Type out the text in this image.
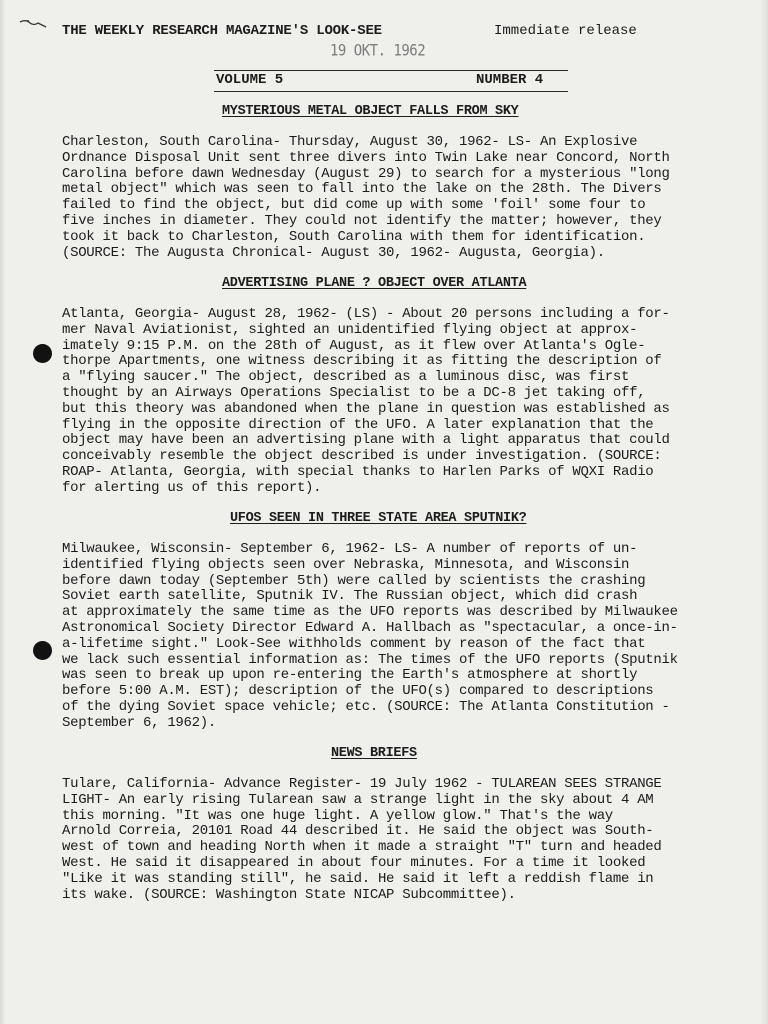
THE WEEKLY RESEARCH MAGAZINE'S LOOK-SEE	Immediate release
19 OKT. 1962
VOLUME 5	NUMBER 4
MYSTERIOUS METAL OBJECT FALLS FROM SKY
Charleston, South Carolina- Thursday, August 30, 1962- LS- An Explosive
Ordnance Disposal Unit sent three divers into Twin Lake near Concord, North
Carolina before dawn Wednesday (August 29) to search for a mysterious "long
metal object" which was seen to fall into the lake on the 28th. The Divers
failed to find the object, but did come up with some 'foil' some four to
five inches in diameter. They could not identify the matter; however, they
took it back to Charleston, South Carolina with them for identification.
(SOURCE: The Augusta Chronical- August 30, 1962- Augusta, Georgia).
ADVERTISING PLANE ? OBJECT OVER ATLANTA
Atlanta, Georgia- August 28, 1962- (LS) - About 20 persons including a for-
mer Naval Aviationist, sighted an unidentified flying object at approx-
imately 9:15 P.M. on the 28th of August, as it flew over Atlanta's Ogle-
thorpe Apartments, one witness describing it as fitting the description of
a "flying saucer." The object, described as a luminous disc, was first
thought by an Airways Operations Specialist to be a DC-8 jet taking off,
but this theory was abandoned when the plane in question was established as
flying in the opposite direction of the UFO. A later explanation that the
object may have been an advertising plane with a light apparatus that could
conceivably resemble the object described is under investigation. (SOURCE:
ROAP- Atlanta, Georgia, with special thanks to Harlen Parks of WQXI Radio
for alerting us of this report).
UFOS SEEN IN THREE STATE AREA SPUTNIK?
Milwaukee, Wisconsin- September 6, 1962- LS- A number of reports of un-
identified flying objects seen over Nebraska, Minnesota, and Wisconsin
before dawn today (September 5th) were called by scientists the crashing
Soviet earth satellite, Sputnik IV. The Russian object, which did crash
at approximately the same time as the UFO reports was described by Milwaukee
Astronomical Society Director Edward A. Hallbach as "spectacular, a once-in-
a-lifetime sight." Look-See withholds comment by reason of the fact that
we lack such essential information as: The times of the UFO reports (Sputnik
was seen to break up upon re-entering the Earth's atmosphere at shortly
before 5:00 A.M. EST); description of the UFO(s) compared to descriptions
of the dying Soviet space vehicle; etc. (SOURCE: The Atlanta Constitution -
September 6, 1962).
NEWS BRIEFS
Tulare, California- Advance Register- 19 July 1962 - TULAREAN SEES STRANGE
LIGHT- An early rising Tularean saw a strange light in the sky about 4 AM
this morning. "It was one huge light. A yellow glow." That's the way
Arnold Correia, 20101 Road 44 described it. He said the object was South-
west of town and heading North when it made a straight "T" turn and headed
West. He said it disappeared in about four minutes. For a time it looked
"Like it was standing still", he said. He said it left a reddish flame in
its wake. (SOURCE: Washington State NICAP Subcommittee).
